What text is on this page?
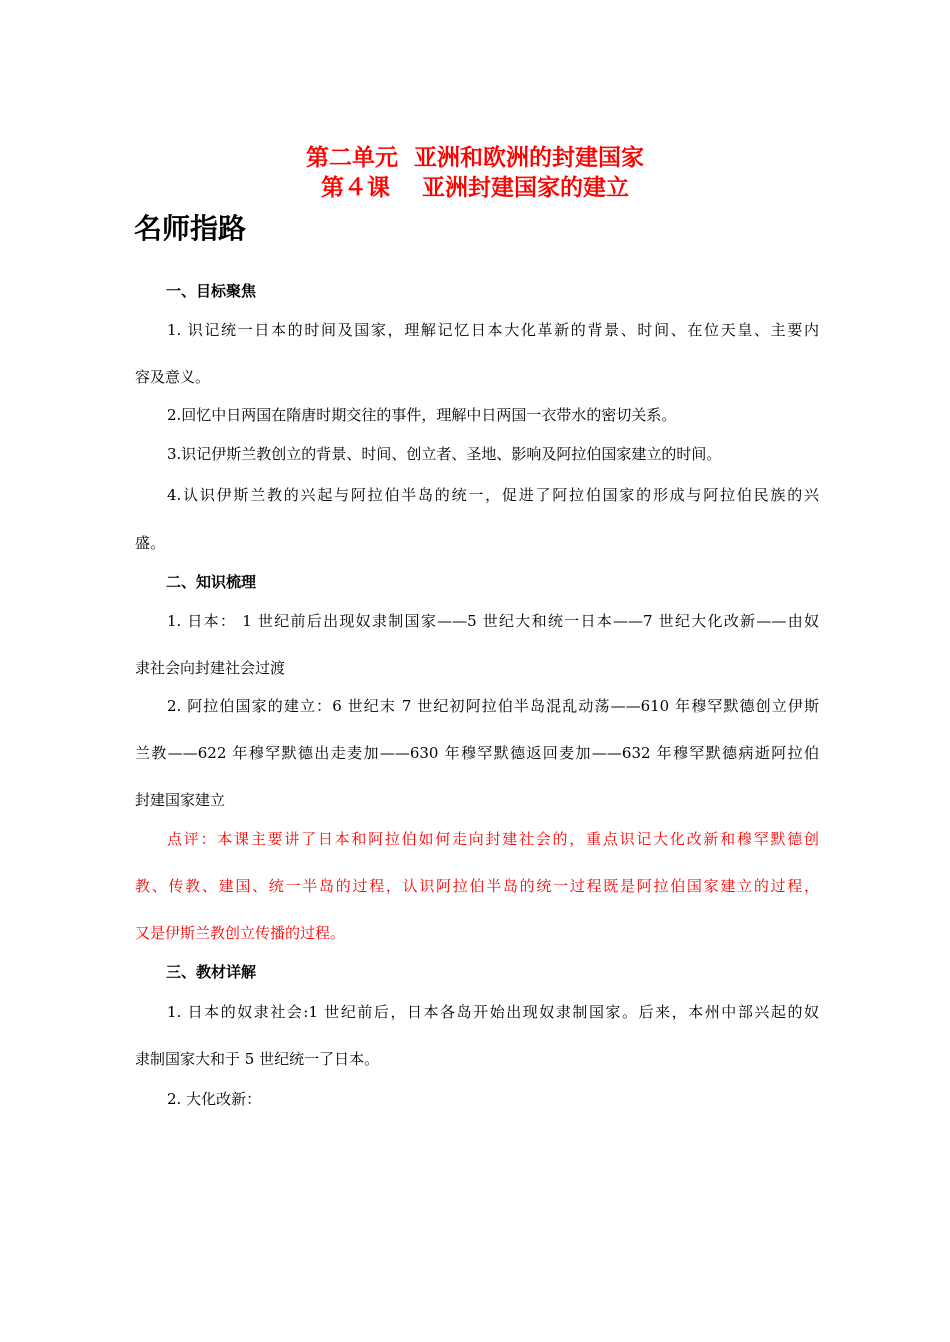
第二单元  亚洲和欧洲的封建国家
第４课    亚洲封建国家的建立
名师指路
一、目标聚焦
1. 识记统一日本的时间及国家，理解记忆日本大化革新的背景、时间、在位天皇、主要内
容及意义。
2.回忆中日两国在隋唐时期交往的事件，理解中日两国一衣带水的密切关系。
3.识记伊斯兰教创立的背景、时间、创立者、圣地、影响及阿拉伯国家建立的时间。
4.认识伊斯兰教的兴起与阿拉伯半岛的统一，促进了阿拉伯国家的形成与阿拉伯民族的兴
盛。
二、知识梳理
1. 日本： 1 世纪前后出现奴隶制国家——5 世纪大和统一日本——7 世纪大化改新——由奴
隶社会向封建社会过渡
2. 阿拉伯国家的建立：6 世纪末 7 世纪初阿拉伯半岛混乱动荡——610 年穆罕默德创立伊斯
兰教——622 年穆罕默德出走麦加——630 年穆罕默德返回麦加——632 年穆罕默德病逝阿拉伯
封建国家建立
点评：本课主要讲了日本和阿拉伯如何走向封建社会的，重点识记大化改新和穆罕默德创
教、传教、建国、统一半岛的过程，认识阿拉伯半岛的统一过程既是阿拉伯国家建立的过程，
又是伊斯兰教创立传播的过程。
三、教材详解
1. 日本的奴隶社会:1 世纪前后，日本各岛开始出现奴隶制国家。后来，本州中部兴起的奴
隶制国家大和于 5 世纪统一了日本。
2. 大化改新：
